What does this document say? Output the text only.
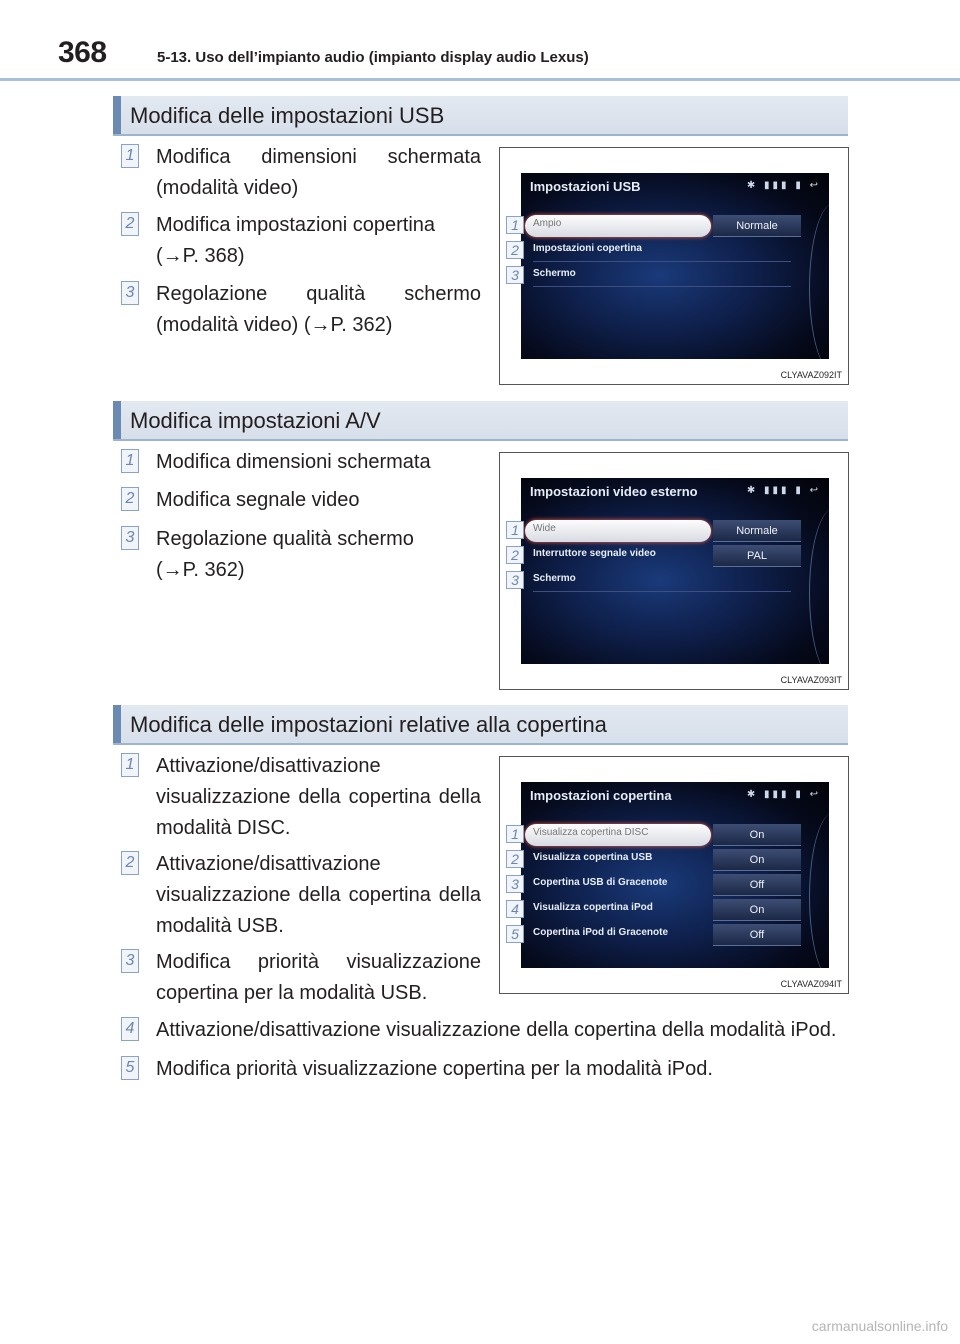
368	5-13. Uso dell’impianto audio (impianto display audio Lexus)
Modifica delle impostazioni USB
1 Modifica dimensioni schermata (modalità video)
2 Modifica impostazioni copertina (→P. 368)
3 Regolazione qualità schermo (modalità video) (→P. 362)
Impostazioni USB	✱ ▮▮▮ ▮ ↩
Ampio	Normale
Impostazioni copertina
Schermo
1
2
3
CLYAVAZ092IT
Modifica impostazioni A/V
1 Modifica dimensioni schermata
2 Modifica segnale video
3 Regolazione qualità schermo (→P. 362)
Impostazioni video esterno	✱ ▮▮▮ ▮ ↩
Wide	Normale
Interruttore segnale video	PAL
Schermo
1
2
3
CLYAVAZ093IT
Modifica delle impostazioni relative alla copertina
1 Attivazione/disattivazione visualizzazione della copertina della modalità DISC.
2 Attivazione/disattivazione visualizzazione della copertina della modalità USB.
3 Modifica priorità visualizzazione copertina per la modalità USB.
4 Attivazione/disattivazione visualizzazione della copertina della modalità iPod.
5 Modifica priorità visualizzazione copertina per la modalità iPod.
Impostazioni copertina	✱ ▮▮▮ ▮ ↩
Visualizza copertina DISC	On
Visualizza copertina USB	On
Copertina USB di Gracenote	Off
Visualizza copertina iPod	On
Copertina iPod di Gracenote	Off
1
2
3
4
5
CLYAVAZ094IT
carmanualsonline.info
